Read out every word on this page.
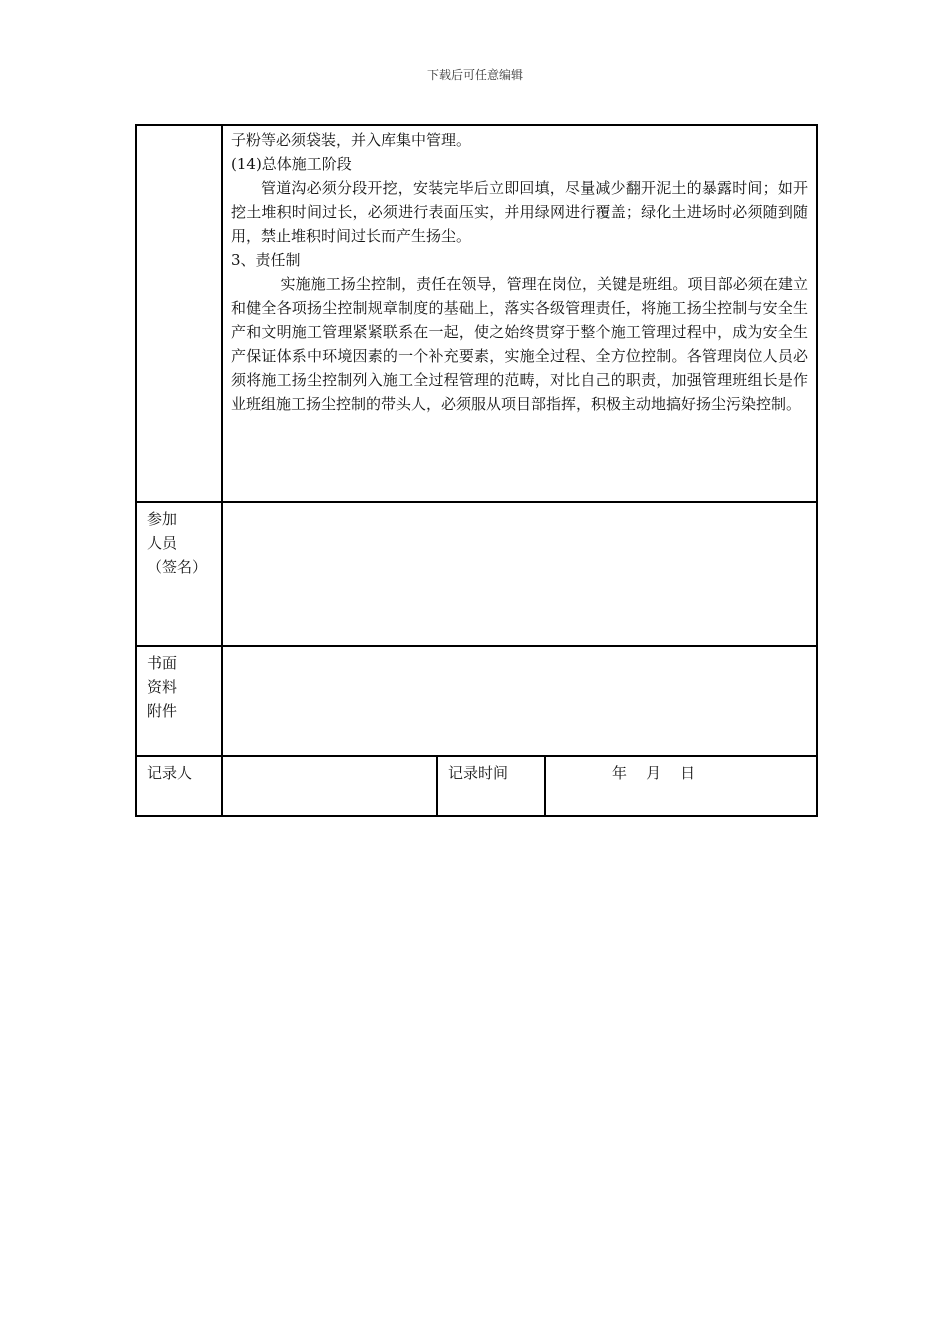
下载后可任意编辑

	子粉等必须袋装，并入库集中管理。

(14)总体施工阶段

管道沟必须分段开挖，安装完毕后立即回填，尽量减少翻开泥土的暴露时间；如开挖土堆积时间过长，必须进行表面压实，并用绿网进行覆盖；绿化土进场时必须随到随用，禁止堆积时间过长而产生扬尘。

3、责任制

实施施工扬尘控制，责任在领导，管理在岗位，关键是班组。项目部必须在建立和健全各项扬尘控制规章制度的基础上，落实各级管理责任，将施工扬尘控制与安全生产和文明施工管理紧紧联系在一起，使之始终贯穿于整个施工管理过程中，成为安全生产保证体系中环境因素的一个补充要素，实施全过程、全方位控制。各管理岗位人员必须将施工扬尘控制列入施工全过程管理的范畴，对比自己的职责，加强管理班组长是作业班组施工扬尘控制的带头人，必须服从项目部指挥，积极主动地搞好扬尘污染控制。		

参加
人员
（签名）			

书面
资料
附件			

记录人		记录时间	年    月    日
